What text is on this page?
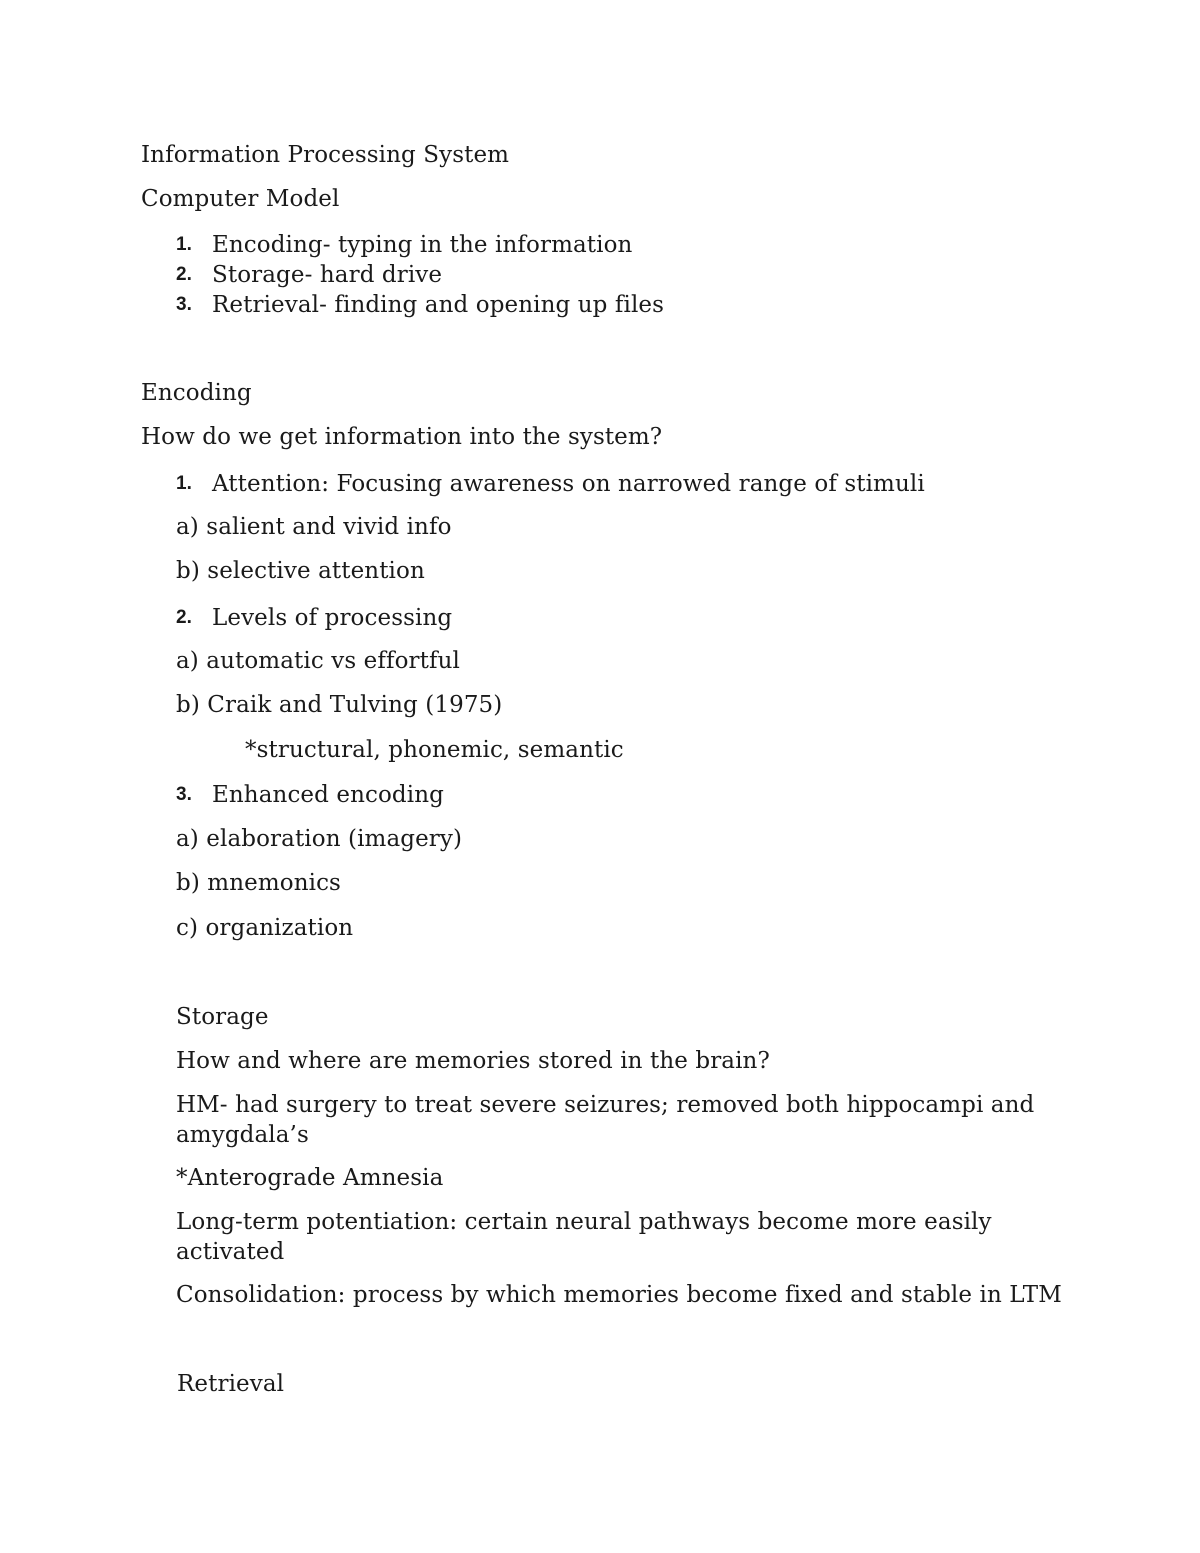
Information Processing System
Computer Model
1. Encoding- typing in the information
2. Storage- hard drive
3. Retrieval- finding and opening up files
Encoding
How do we get information into the system?
1. Attention: Focusing awareness on narrowed range of stimuli
a) salient and vivid info
b) selective attention
2. Levels of processing
a) automatic vs effortful
b) Craik and Tulving (1975)
*structural, phonemic, semantic
3. Enhanced encoding
a) elaboration (imagery)
b) mnemonics
c) organization
Storage
How and where are memories stored in the brain?
HM- had surgery to treat severe seizures; removed both hippocampi and
amygdala’s
*Anterograde Amnesia
Long-term potentiation: certain neural pathways become more easily
activated
Consolidation: process by which memories become fixed and stable in LTM
Retrieval
